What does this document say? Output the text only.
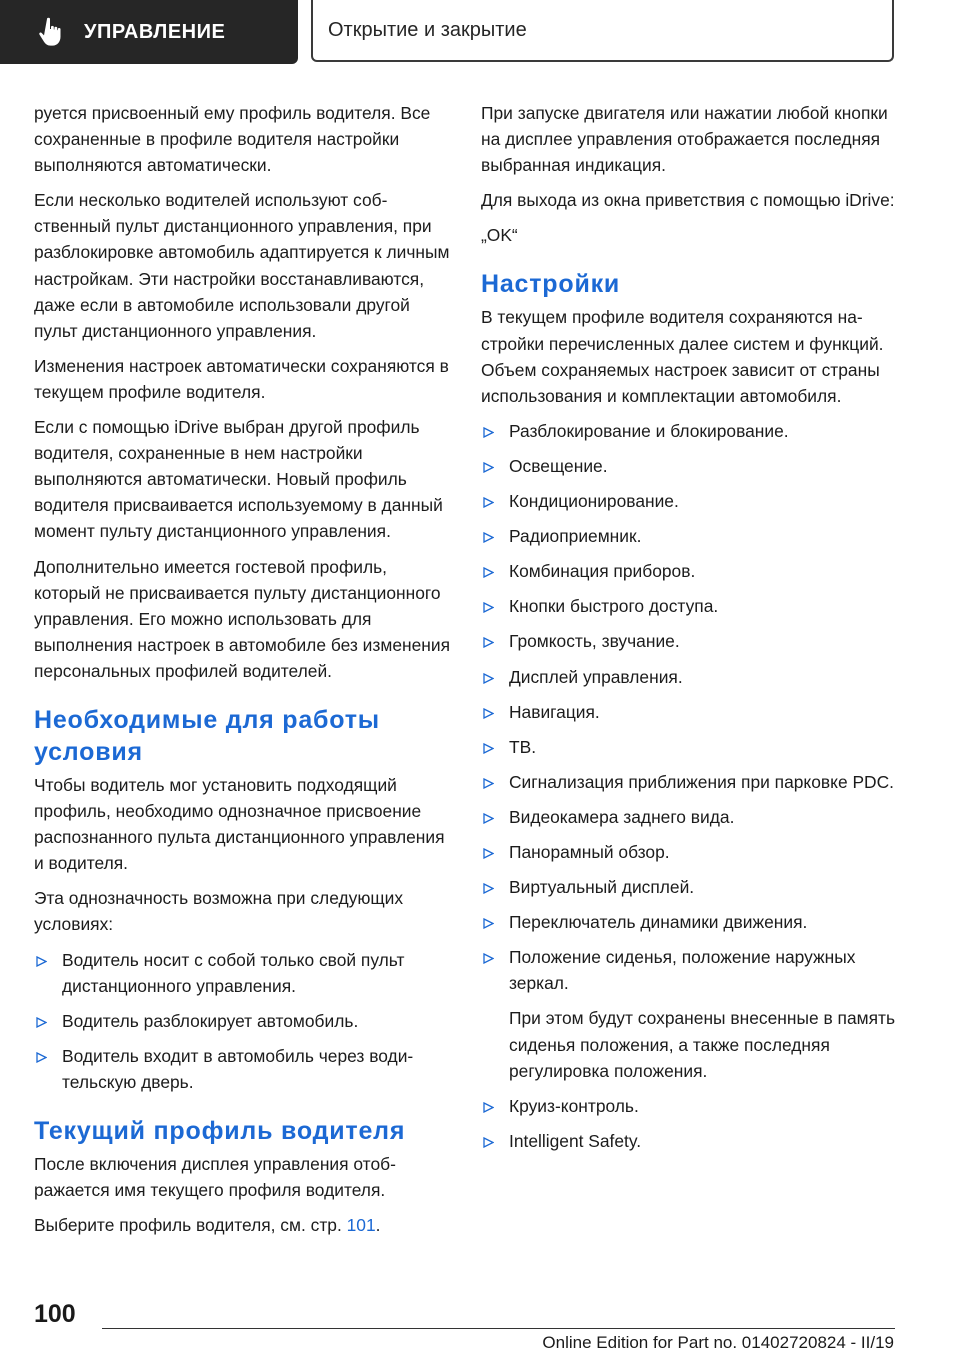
УПРАВЛЕНИЕ	Открытие и закрытие

руется присвоенный ему профиль водителя. Все сохраненные в профиле водителя настройки выполняются автоматически.

Если несколько водителей используют собственный пульт дистанционного управления, при разблокировке автомобиль адаптируется к личным настройкам. Эти настройки восстанавливаются, даже если в автомобиле использовали другой пульт дистанционного управления.

Изменения настроек автоматически сохраняются в текущем профиле водителя.

Если с помощью iDrive выбран другой профиль водителя, сохраненные в нем настройки выполняются автоматически. Новый профиль водителя присваивается используемому в данный момент пульту дистанционного управления.

Дополнительно имеется гостевой профиль, который не присваивается пульту дистанционного управления. Его можно использовать для выполнения настроек в автомобиле без изменения персональных профилей водителей.

Необходимые для работы условия

Чтобы водитель мог установить подходящий профиль, необходимо однозначное присвоение распознанного пульта дистанционного управления и водителя.

Эта однозначность возможна при следующих условиях:

Водитель носит с собой только свой пульт дистанционного управления.
Водитель разблокирует автомобиль.
Водитель входит в автомобиль через водительскую дверь.
Текущий профиль водителя

После включения дисплея управления отображается имя текущего профиля водителя.

Выберите профиль водителя, см. стр. 101.

При запуске двигателя или нажатии любой кнопки на дисплее управления отображается последняя выбранная индикация.

Для выхода из окна приветствия с помощью iDrive:

„OK“

Настройки

В текущем профиле водителя сохраняются настройки перечисленных далее систем и функций. Объем сохраняемых настроек зависит от страны использования и комплектации автомобиля.

Разблокирование и блокирование.
Освещение.
Кондиционирование.
Радиоприемник.
Комбинация приборов.
Кнопки быстрого доступа.
Громкость, звучание.
Дисплей управления.
Навигация.
ТВ.
Сигнализация приближения при парковке PDC.
Видеокамера заднего вида.
Панорамный обзор.
Виртуальный дисплей.
Переключатель динамики движения.
Положение сиденья, положение наружных зеркал.
При этом будут сохранены внесенные в память сиденья положения, а также последняя регулировка положения.
Круиз-контроль.
Intelligent Safety.
100
Online Edition for Part no. 01402720824 - II/19
